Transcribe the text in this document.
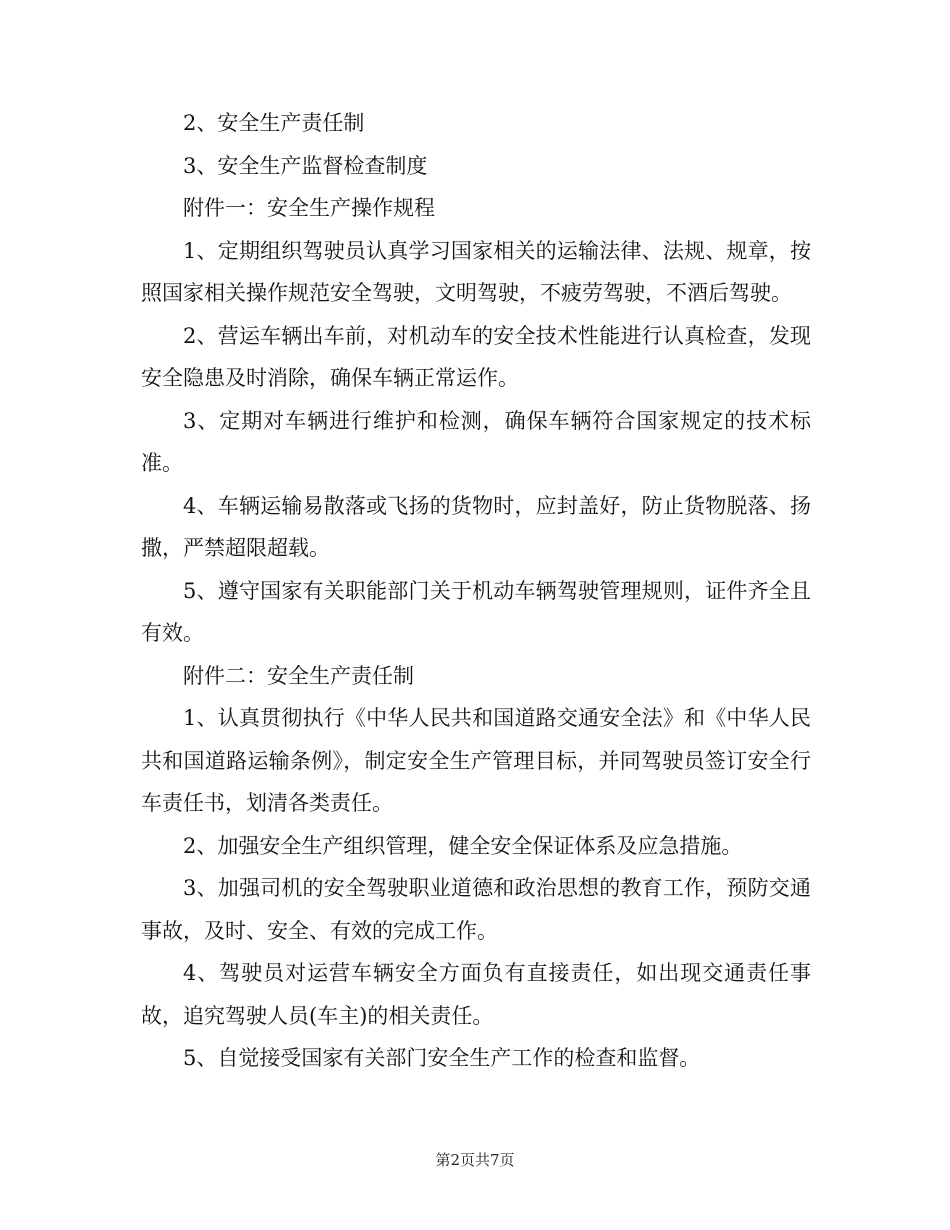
2、安全生产责任制

3、安全生产监督检查制度

附件一：安全生产操作规程

1、定期组织驾驶员认真学习国家相关的运输法律、法规、规章，按照国家相关操作规范安全驾驶，文明驾驶，不疲劳驾驶，不酒后驾驶。

2、营运车辆出车前，对机动车的安全技术性能进行认真检查，发现安全隐患及时消除，确保车辆正常运作。

3、定期对车辆进行维护和检测，确保车辆符合国家规定的技术标准。

4、车辆运输易散落或飞扬的货物时，应封盖好，防止货物脱落、扬撒，严禁超限超载。

5、遵守国家有关职能部门关于机动车辆驾驶管理规则，证件齐全且有效。

附件二：安全生产责任制

1、认真贯彻执行《中华人民共和国道路交通安全法》和《中华人民共和国道路运输条例》，制定安全生产管理目标，并同驾驶员签订安全行车责任书，划清各类责任。

2、加强安全生产组织管理，健全安全保证体系及应急措施。

3、加强司机的安全驾驶职业道德和政治思想的教育工作，预防交通事故，及时、安全、有效的完成工作。

4、驾驶员对运营车辆安全方面负有直接责任，如出现交通责任事故，追究驾驶人员(车主)的相关责任。

5、自觉接受国家有关部门安全生产工作的检查和监督。

第2页共7页
